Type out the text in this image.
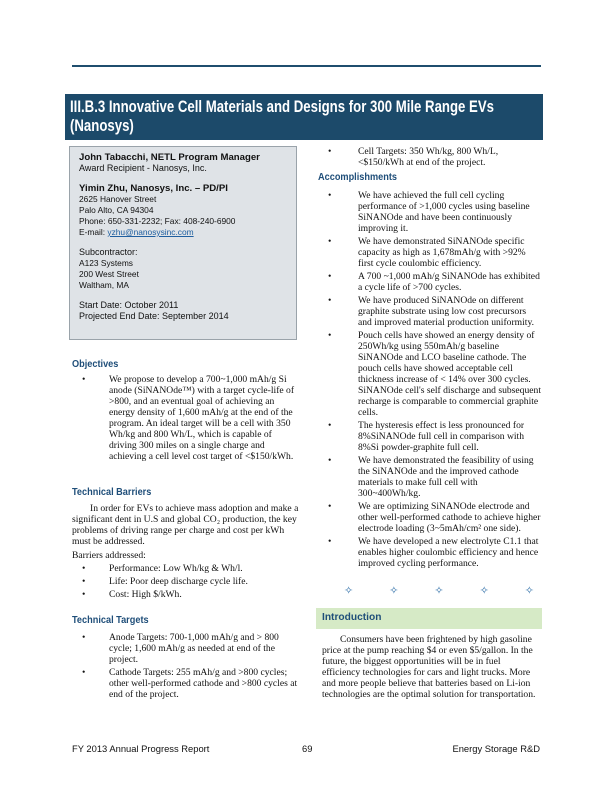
III.B.3 Innovative Cell Materials and Designs for 300 Mile Range EVs
(Nanosys)
John Tabacchi, NETL Program Manager
Award Recipient - Nanosys, Inc.
Yimin Zhu, Nanosys, Inc. – PD/PI
2625 Hanover Street
Palo Alto, CA 94304
Phone: 650-331-2232; Fax: 408-240-6900
E-mail: yzhu@nanosysinc.com
Subcontractor:
A123 Systems
200 West Street
Waltham, MA
Start Date: October 2011
Projected End Date: September 2014
Objectives
• We propose to develop a 700~1,000 mAh/g Si anode (SiNANOde™) with a target cycle-life of >800, and an eventual goal of achieving an energy density of 1,600 mAh/g at the end of the program. An ideal target will be a cell with 350 Wh/kg and 800 Wh/L, which is capable of driving 300 miles on a single charge and achieving a cell level cost target of <$150/kWh.
Technical Barriers

In order for EVs to achieve mass adoption and make a significant dent in U.S and global CO₂ production, the key problems of driving range per charge and cost per kWh must be addressed.

Barriers addressed:

• Performance: Low Wh/kg & Wh/l.
• Life: Poor deep discharge cycle life.
• Cost: High $/kWh.
Technical Targets
• Anode Targets: 700-1,000 mAh/g and > 800 cycle; 1,600 mAh/g as needed at end of the project.
• Cathode Targets: 255 mAh/g and >800 cycles; other well-performed cathode and >800 cycles at end of the project.
• Cell Targets: 350 Wh/kg, 800 Wh/L, <$150/kWh at end of the project.
Accomplishments
• We have achieved the full cell cycling performance of >1,000 cycles using baseline SiNANOde and have been continuously improving it.
• We have demonstrated SiNANOde specific capacity as high as 1,678mAh/g with >92% first cycle coulombic efficiency.
• A 700 ~1,000 mAh/g SiNANOde has exhibited a cycle life of >700 cycles.
• We have produced SiNANOde on different graphite substrate using low cost precursors and improved material production uniformity.
• Pouch cells have showed an energy density of 250Wh/kg using 550mAh/g baseline SiNANOde and LCO baseline cathode. The pouch cells have showed acceptable cell thickness increase of < 14% over 300 cycles. SiNANOde cell's self discharge and subsequent recharge is comparable to commercial graphite cells.
• The hysteresis effect is less pronounced for 8%SiNANOde full cell in comparison with 8%Si powder-graphite full cell.
• We have demonstrated the feasibility of using the SiNANOde and the improved cathode materials to make full cell with 300~400Wh/kg.
• We are optimizing SiNANOde electrode and other well-performed cathode to achieve higher electrode loading (3~5mAh/cm² one side).
• We have developed a new electrolyte C1.1 that enables higher coulombic efficiency and hence improved cycling performance.
✧	✧	✧	✧	✧
Introduction

Consumers have been frightened by high gasoline price at the pump reaching $4 or even $5/gallon. In the future, the biggest opportunities will be in fuel efficiency technologies for cars and light trucks. More and more people believe that batteries based on Li-ion technologies are the optimal solution for transportation.

FY 2013 Annual Progress Report	69	Energy Storage R&D
